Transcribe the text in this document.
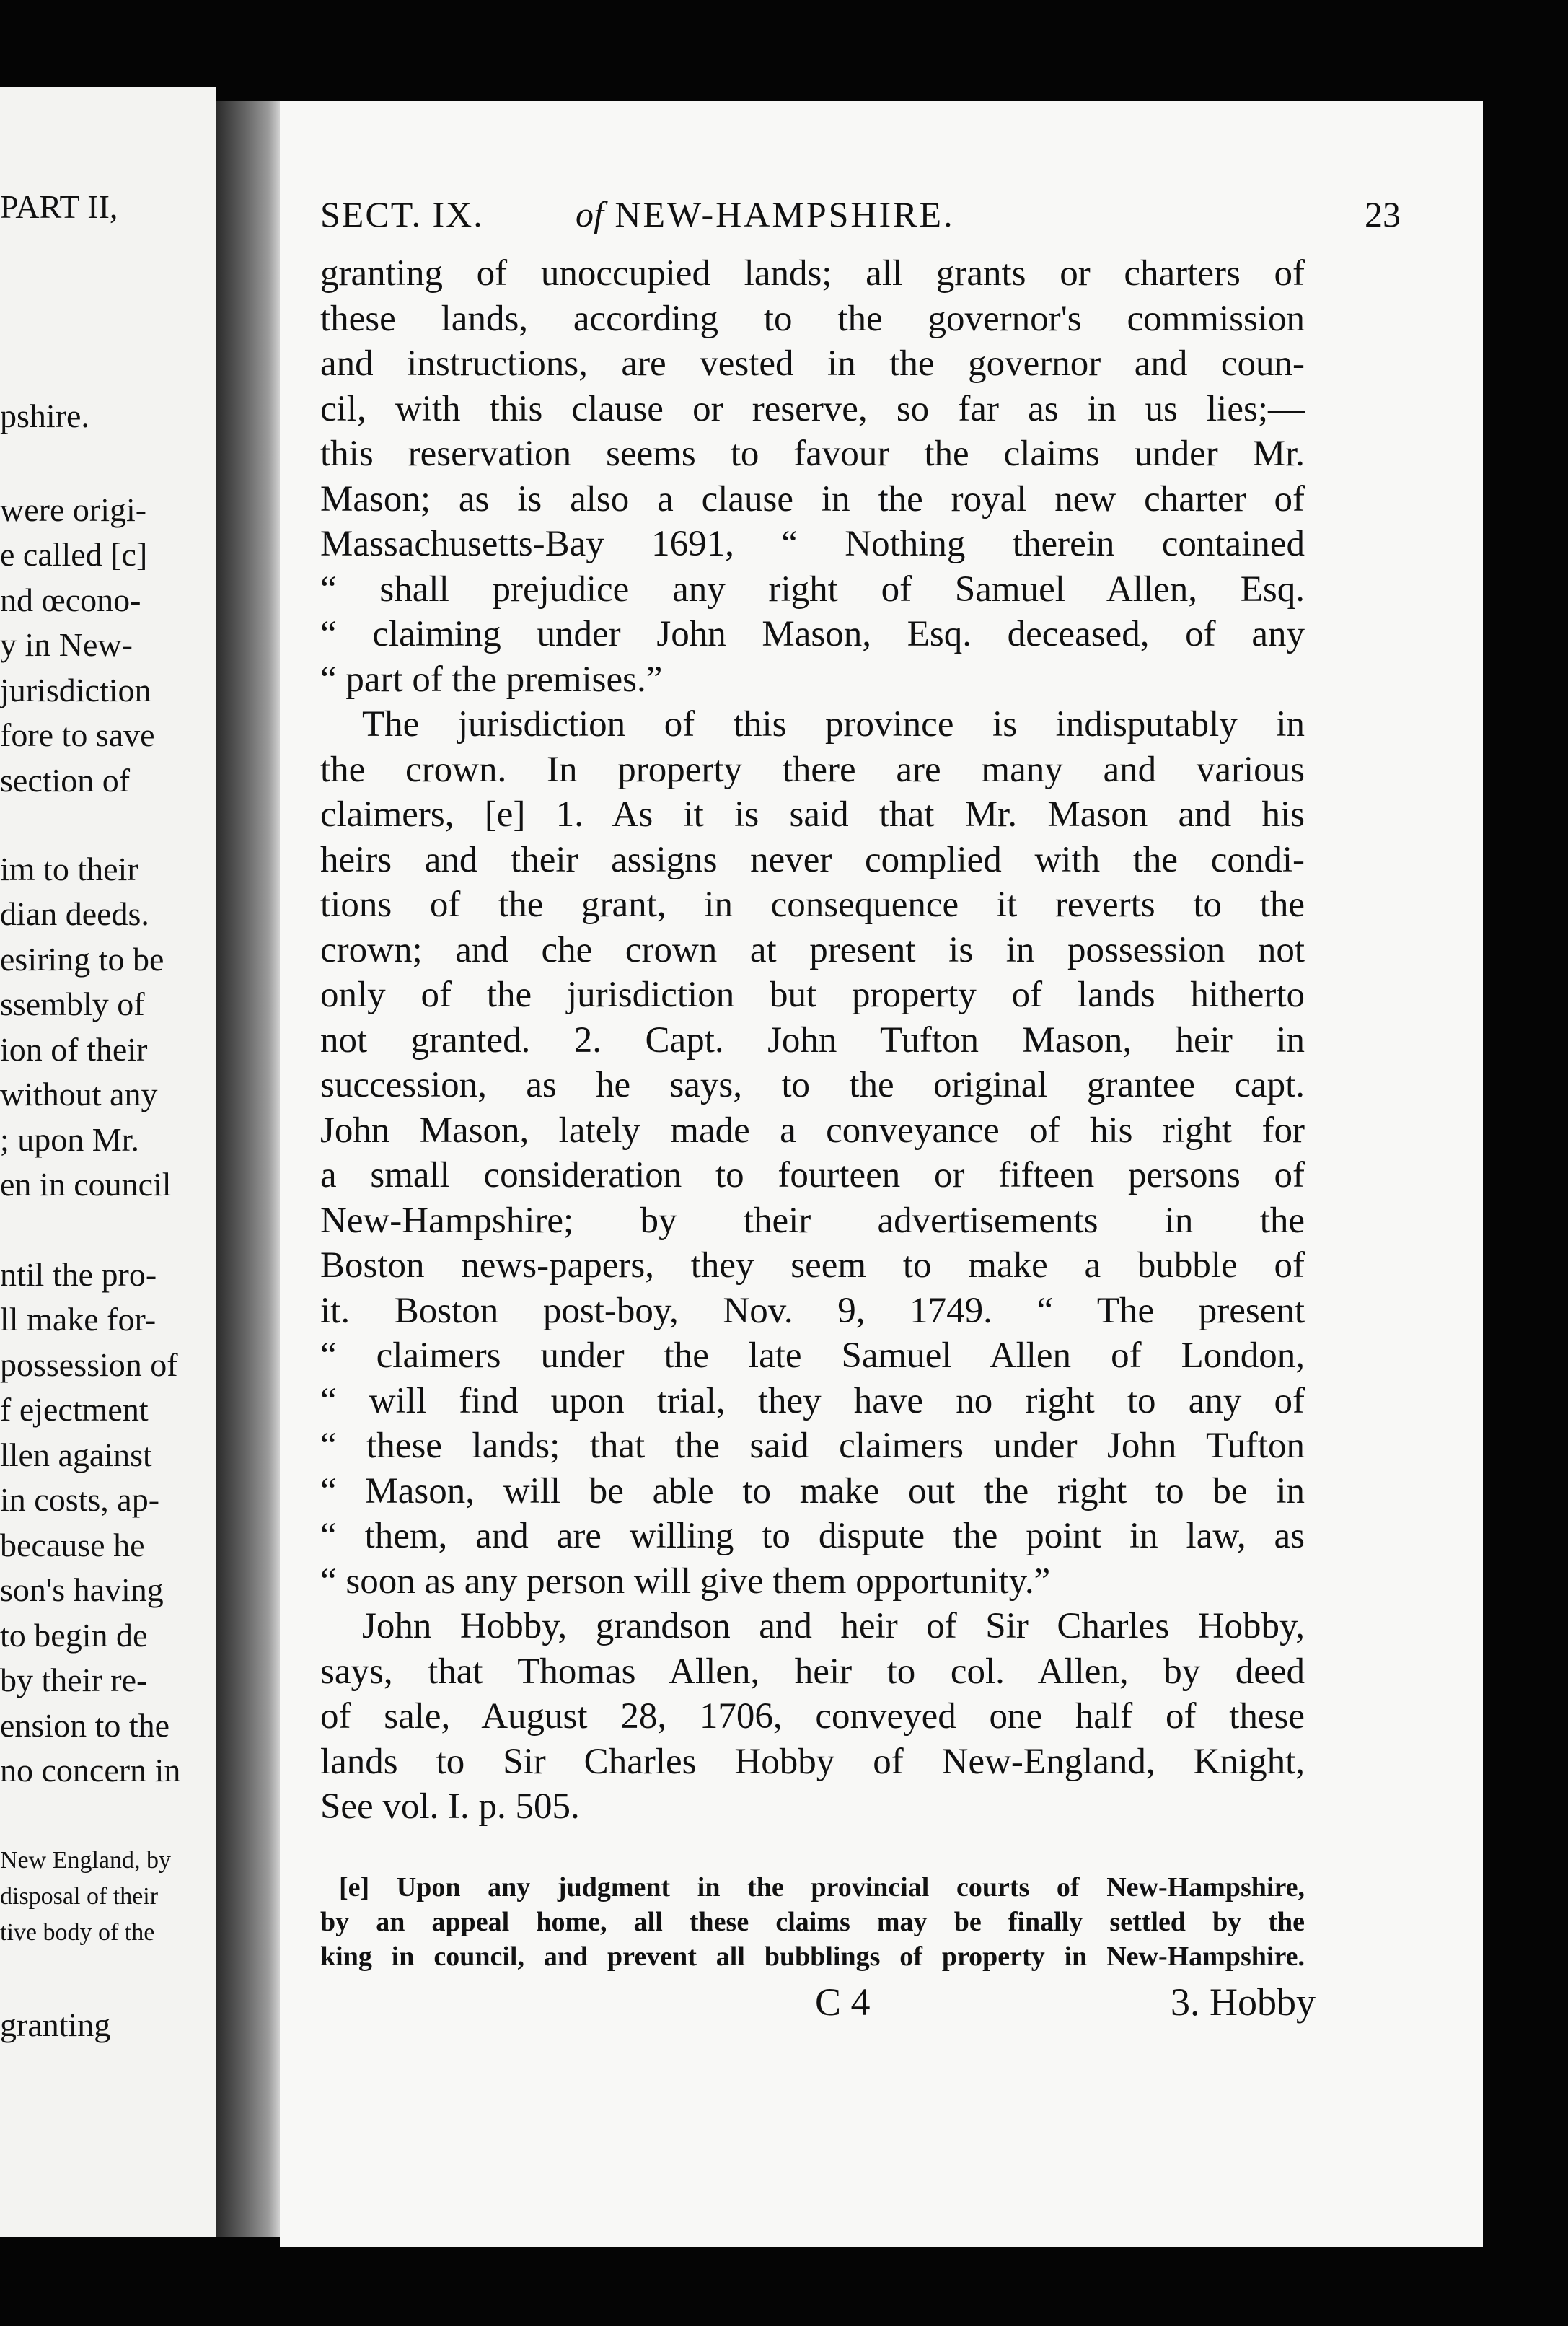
PART II,
pshire.
were origi-
e called [c]
nd œcono-
y in New-
jurisdiction
fore to save
section of
im to their
dian deeds.
esiring to be
ssembly of
ion of their
without any
; upon Mr.
en in council
ntil the pro-
ll make for-
possession of
f ejectment
llen against
in costs, ap-
because he
son's having
to begin de
by their re-
ension to the
no concern in
New England, by
disposal of their
tive body of the
granting
SECT. IX.	of NEW-HAMPSHIRE.	23
granting of unoccupied lands; all grants or charters of
these lands, according to the governor's commission
and instructions, are vested in the governor and coun-
cil, with this clause or reserve, so far as in us lies;—
this reservation seems to favour the claims under Mr.
Mason; as is also a clause in the royal new charter of
Massachusetts-Bay 1691, “ Nothing therein contained
“ shall prejudice any right of Samuel Allen, Esq.
“ claiming under John Mason, Esq. deceased, of any
“ part of the premises.”
The jurisdiction of this province is indisputably in
the crown. In property there are many and various
claimers, [e] 1. As it is said that Mr. Mason and his
heirs and their assigns never complied with the condi-
tions of the grant, in consequence it reverts to the
crown; and che crown at present is in possession not
only of the jurisdiction but property of lands hitherto
not granted. 2. Capt. John Tufton Mason, heir in
succession, as he says, to the original grantee capt.
John Mason, lately made a conveyance of his right for
a small consideration to fourteen or fifteen persons of
New-Hampshire; by their advertisements in the
Boston news-papers, they seem to make a bubble of
it. Boston post-boy, Nov. 9, 1749. “ The present
“ claimers under the late Samuel Allen of London,
“ will find upon trial, they have no right to any of
“ these lands; that the said claimers under John Tufton
“ Mason, will be able to make out the right to be in
“ them, and are willing to dispute the point in law, as
“ soon as any person will give them opportunity.”
John Hobby, grandson and heir of Sir Charles Hobby,
says, that Thomas Allen, heir to col. Allen, by deed
of sale, August 28, 1706, conveyed one half of these
lands to Sir Charles Hobby of New-England, Knight,
See vol. I. p. 505.
[e] Upon any judgment in the provincial courts of New-Hampshire,
by an appeal home, all these claims may be finally settled by the
king in council, and prevent all bubblings of property in New-Hampshire.
C 4	3. Hobby
